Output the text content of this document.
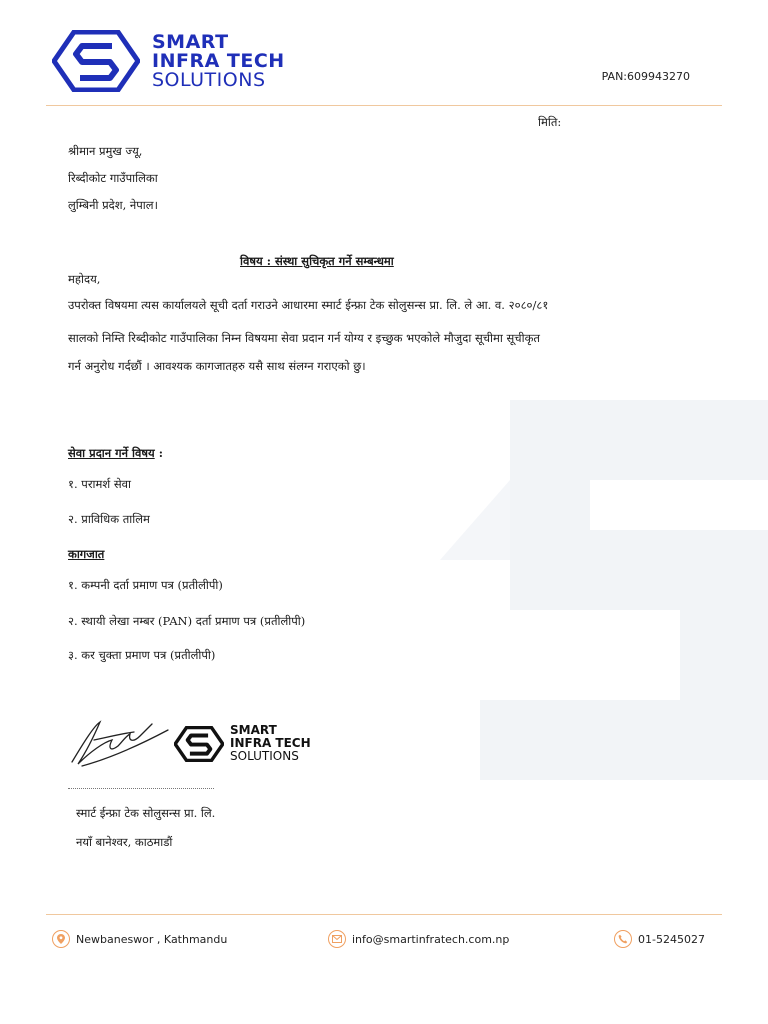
SMART
INFRA TECH
SOLUTIONS	PAN:609943270
मिति:
श्रीमान प्रमुख ज्यू,
रिब्दीकोट गाउँपालिका
लुम्बिनी प्रदेश, नेपाल।
विषय : संस्था सुचिकृत गर्ने सम्बन्धमा
महोदय,
उपरोक्त विषयमा त्यस कार्यालयले सूची दर्ता गराउने आधारमा स्मार्ट ईन्फ्रा टेक सोलुसन्स प्रा. लि. ले आ. व. २०८०/८१
सालको निम्ति रिब्दीकोट गाउँपालिका निम्न विषयमा सेवा प्रदान गर्न योग्य र इच्छुक भएकोले मौजुदा सूचीमा सूचीकृत
गर्न अनुरोध गर्दछौं । आवश्यक कागजातहरु यसै साथ संलग्न गराएको छु।
सेवा प्रदान गर्ने विषय :
१. परामर्श सेवा
२. प्राविधिक तालिम
कागजात
१. कम्पनी दर्ता प्रमाण पत्र (प्रतीलीपी)
२. स्थायी लेखा नम्बर (PAN) दर्ता प्रमाण पत्र (प्रतीलीपी)
३. कर चुक्ता प्रमाण पत्र (प्रतीलीपी)
SMART
INFRA TECH
SOLUTIONS
स्मार्ट ईन्फ्रा टेक सोलुसन्स प्रा. लि.
नयाँ बानेश्वर, काठमाडौं
Newbaneswor , Kathmandu	info@smartinfratech.com.np	01-5245027
